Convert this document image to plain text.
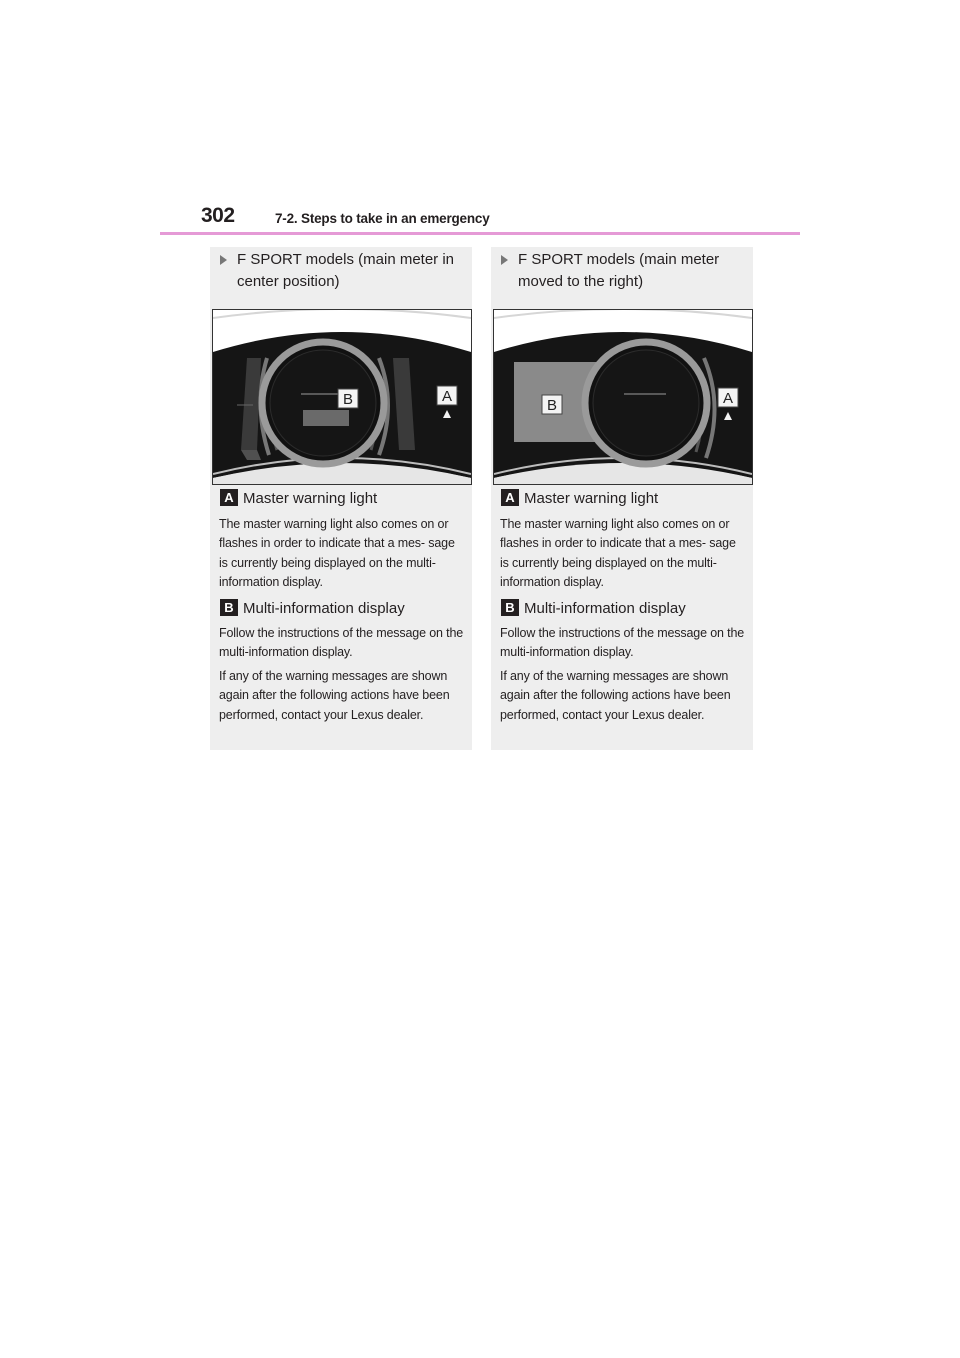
302	7-2. Steps to take in an emergency
F SPORT models (main meter in center position)
B	A
A Master warning light

The master warning light also comes on or flashes in order to indicate that a mes- sage is currently being displayed on the multi-information display.

B Multi-information display

Follow the instructions of the message on the multi-information display.

If any of the warning messages are shown again after the following actions have been performed, contact your Lexus dealer.

F SPORT models (main meter moved to the right)
B	A
A Master warning light

The master warning light also comes on or flashes in order to indicate that a mes- sage is currently being displayed on the multi-information display.

B Multi-information display

Follow the instructions of the message on the multi-information display.

If any of the warning messages are shown again after the following actions have been performed, contact your Lexus dealer.
